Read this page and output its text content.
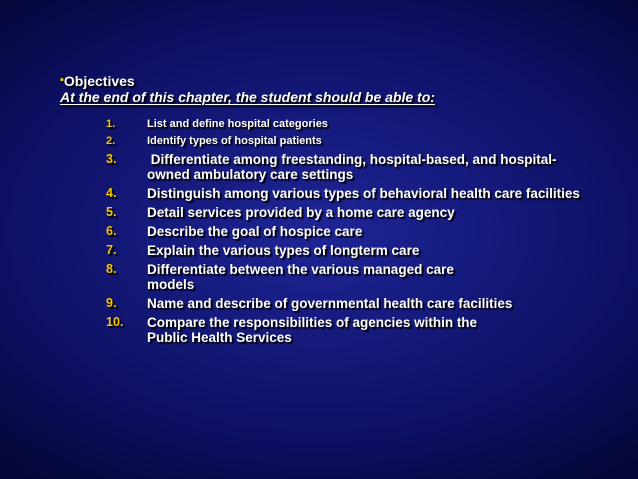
▪Objectives
At the end of this chapter, the student should be able to:
1.	List and define hospital categories
2.	Identify types of hospital patients
3. Differentiate among freestanding, hospital-based, and hospital-
owned ambulatory care settings
4. Distinguish among various types of behavioral health care facilities
5. Detail services provided by a home care agency
6. Describe the goal of hospice care
7. Explain the various types of longterm care
8. Differentiate between the various managed care
models
9. Name and describe of governmental health care facilities
10. Compare the responsibilities of agencies within the
Public Health Services
